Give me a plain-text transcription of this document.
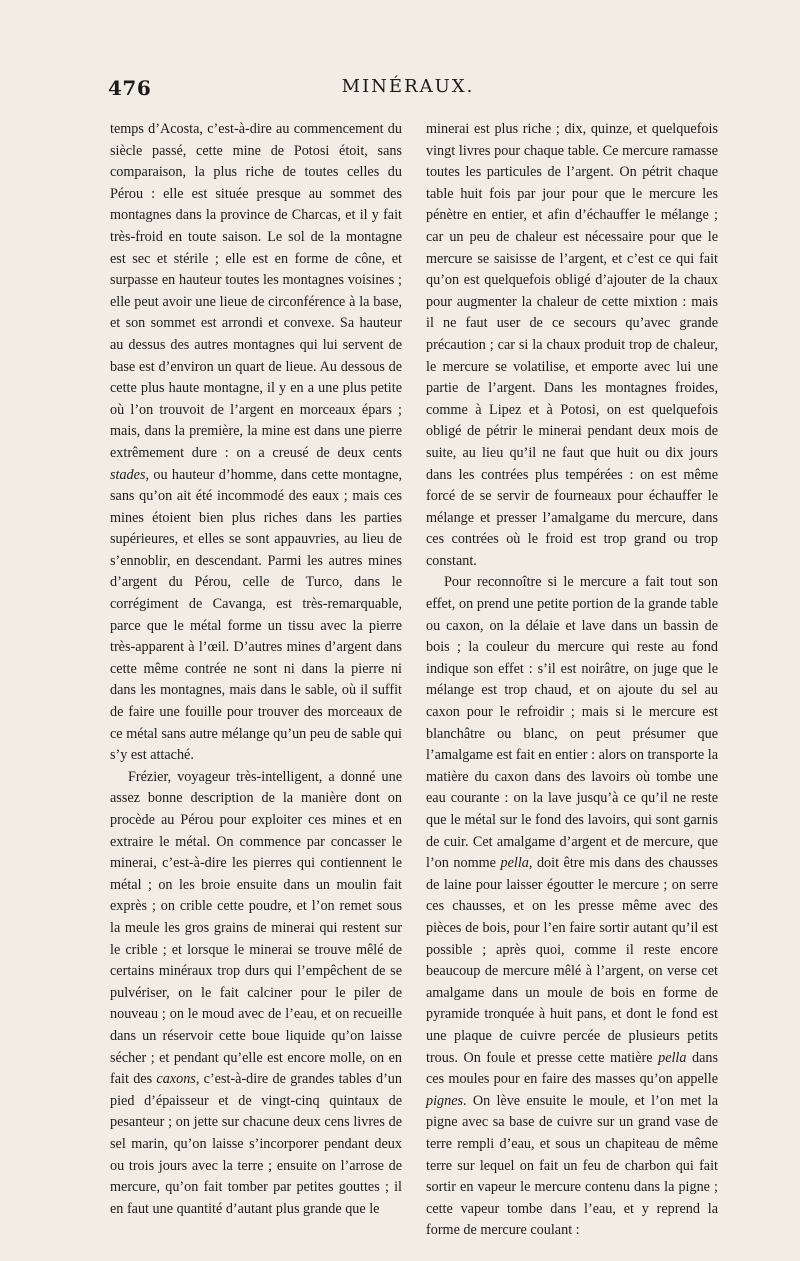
476	MINÉRAUX.

temps d’Acosta, c’est-à-dire au commencement du siècle passé, cette mine de Potosi étoit, sans comparaison, la plus riche de toutes celles du Pérou : elle est située presque au sommet des montagnes dans la province de Charcas, et il y fait très-froid en toute saison. Le sol de la montagne est sec et stérile ; elle est en forme de cône, et surpasse en hauteur toutes les montagnes voisines ; elle peut avoir une lieue de circonférence à la base, et son sommet est arrondi et convexe. Sa hauteur au dessus des autres montagnes qui lui servent de base est d’environ un quart de lieue. Au dessous de cette plus haute montagne, il y en a une plus petite où l’on trouvoit de l’argent en morceaux épars ; mais, dans la première, la mine est dans une pierre extrêmement dure : on a creusé de deux cents stades, ou hauteur d’homme, dans cette montagne, sans qu’on ait été incommodé des eaux ; mais ces mines étoient bien plus riches dans les parties supérieures, et elles se sont appauvries, au lieu de s’ennoblir, en descendant. Parmi les autres mines d’argent du Pérou, celle de Turco, dans le corrégiment de Cavanga, est très-remarquable, parce que le métal forme un tissu avec la pierre très-apparent à l’œil. D’autres mines d’argent dans cette même contrée ne sont ni dans la pierre ni dans les montagnes, mais dans le sable, où il suffit de faire une fouille pour trouver des morceaux de ce métal sans autre mélange qu’un peu de sable qui s’y est attaché.

Frézier, voyageur très-intelligent, a donné une assez bonne description de la manière dont on procède au Pérou pour exploiter ces mines et en extraire le métal. On commence par concasser le minerai, c’est-à-dire les pierres qui contiennent le métal ; on les broie ensuite dans un moulin fait exprès ; on crible cette poudre, et l’on remet sous la meule les gros grains de minerai qui restent sur le crible ; et lorsque le minerai se trouve mêlé de certains minéraux trop durs qui l’empêchent de se pulvériser, on le fait calciner pour le piler de nouveau ; on le moud avec de l’eau, et on recueille dans un réservoir cette boue liquide qu’on laisse sécher ; et pendant qu’elle est encore molle, on en fait des caxons, c’est-à-dire de grandes tables d’un pied d’épaisseur et de vingt-cinq quintaux de pesanteur ; on jette sur chacune deux cens livres de sel marin, qu’on laisse s’incorporer pendant deux ou trois jours avec la terre ; ensuite on l’arrose de mercure, qu’on fait tomber par petites gouttes ; il en faut une quantité d’autant plus grande que le

minerai est plus riche ; dix, quinze, et quelquefois vingt livres pour chaque table. Ce mercure ramasse toutes les particules de l’argent. On pétrit chaque table huit fois par jour pour que le mercure les pénètre en entier, et afin d’échauffer le mélange ; car un peu de chaleur est nécessaire pour que le mercure se saisisse de l’argent, et c’est ce qui fait qu’on est quelquefois obligé d’ajouter de la chaux pour augmenter la chaleur de cette mixtion : mais il ne faut user de ce secours qu’avec grande précaution ; car si la chaux produit trop de chaleur, le mercure se volatilise, et emporte avec lui une partie de l’argent. Dans les montagnes froides, comme à Lipez et à Potosi, on est quelquefois obligé de pétrir le minerai pendant deux mois de suite, au lieu qu’il ne faut que huit ou dix jours dans les contrées plus tempérées : on est même forcé de se servir de fourneaux pour échauffer le mélange et presser l’amalgame du mercure, dans ces contrées où le froid est trop grand ou trop constant.

Pour reconnoître si le mercure a fait tout son effet, on prend une petite portion de la grande table ou caxon, on la délaie et lave dans un bassin de bois ; la couleur du mercure qui reste au fond indique son effet : s’il est noirâtre, on juge que le mélange est trop chaud, et on ajoute du sel au caxon pour le refroidir ; mais si le mercure est blanchâtre ou blanc, on peut présumer que l’amalgame est fait en entier : alors on transporte la matière du caxon dans des lavoirs où tombe une eau courante : on la lave jusqu’à ce qu’il ne reste que le métal sur le fond des lavoirs, qui sont garnis de cuir. Cet amalgame d’argent et de mercure, que l’on nomme pella, doit être mis dans des chausses de laine pour laisser égoutter le mercure ; on serre ces chausses, et on les presse même avec des pièces de bois, pour l’en faire sortir autant qu’il est possible ; après quoi, comme il reste encore beaucoup de mercure mêlé à l’argent, on verse cet amalgame dans un moule de bois en forme de pyramide tronquée à huit pans, et dont le fond est une plaque de cuivre percée de plusieurs petits trous. On foule et presse cette matière pella dans ces moules pour en faire des masses qu’on appelle pignes. On lève ensuite le moule, et l’on met la pigne avec sa base de cuivre sur un grand vase de terre rempli d’eau, et sous un chapiteau de même terre sur lequel on fait un feu de charbon qui fait sortir en vapeur le mercure contenu dans la pigne ; cette vapeur tombe dans l’eau, et y reprend la forme de mercure coulant :
